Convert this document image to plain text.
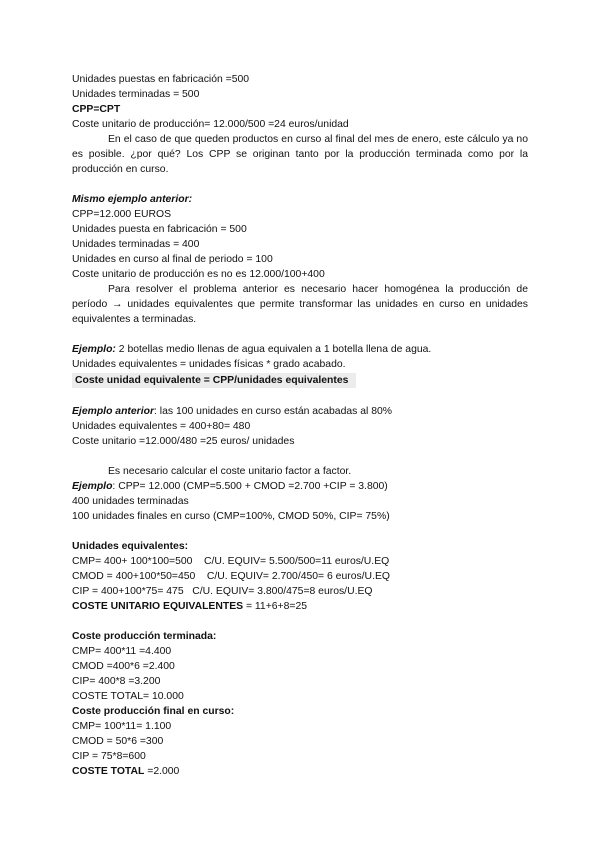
Unidades puestas en fabricación =500
Unidades terminadas = 500
CPP=CPT
Coste unitario de producción= 12.000/500 =24 euros/unidad
En el caso de que queden productos en curso al final del mes de enero, este cálculo ya no es posible. ¿por qué? Los CPP se originan tanto por la producción terminada como por la producción en curso.
Mismo ejemplo anterior:
CPP=12.000 EUROS
Unidades puesta en fabricación = 500
Unidades terminadas = 400
Unidades en curso al final de periodo = 100
Coste unitario de producción es no es 12.000/100+400
Para resolver el problema anterior es necesario hacer homogénea la producción de período → unidades equivalentes que permite transformar las unidades en curso en unidades equivalentes a terminadas.
Ejemplo: 2 botellas medio llenas de agua equivalen a 1 botella llena de agua.
Unidades equivalentes = unidades físicas * grado acabado.
Coste unidad equivalente = CPP/unidades equivalentes
Ejemplo anterior: las 100 unidades en curso están acabadas al 80%
Unidades equivalentes = 400+80= 480
Coste unitario =12.000/480 =25 euros/ unidades
Es necesario calcular el coste unitario factor a factor.
Ejemplo: CPP= 12.000 (CMP=5.500 + CMOD =2.700 +CIP = 3.800)
400 unidades terminadas
100 unidades finales en curso (CMP=100%, CMOD 50%, CIP= 75%)
Unidades equivalentes:
CMP= 400+ 100*100=500    C/U. EQUIV= 5.500/500=11 euros/U.EQ
CMOD = 400+100*50=450    C/U. EQUIV= 2.700/450= 6 euros/U.EQ
CIP = 400+100*75= 475   C/U. EQUIV= 3.800/475=8 euros/U.EQ
COSTE UNITARIO EQUIVALENTES = 11+6+8=25
Coste producción terminada:
CMP= 400*11 =4.400
CMOD =400*6 =2.400
CIP= 400*8 =3.200
COSTE TOTAL= 10.000
Coste producción final en curso:
CMP= 100*11= 1.100
CMOD = 50*6 =300
CIP = 75*8=600
COSTE TOTAL =2.000
